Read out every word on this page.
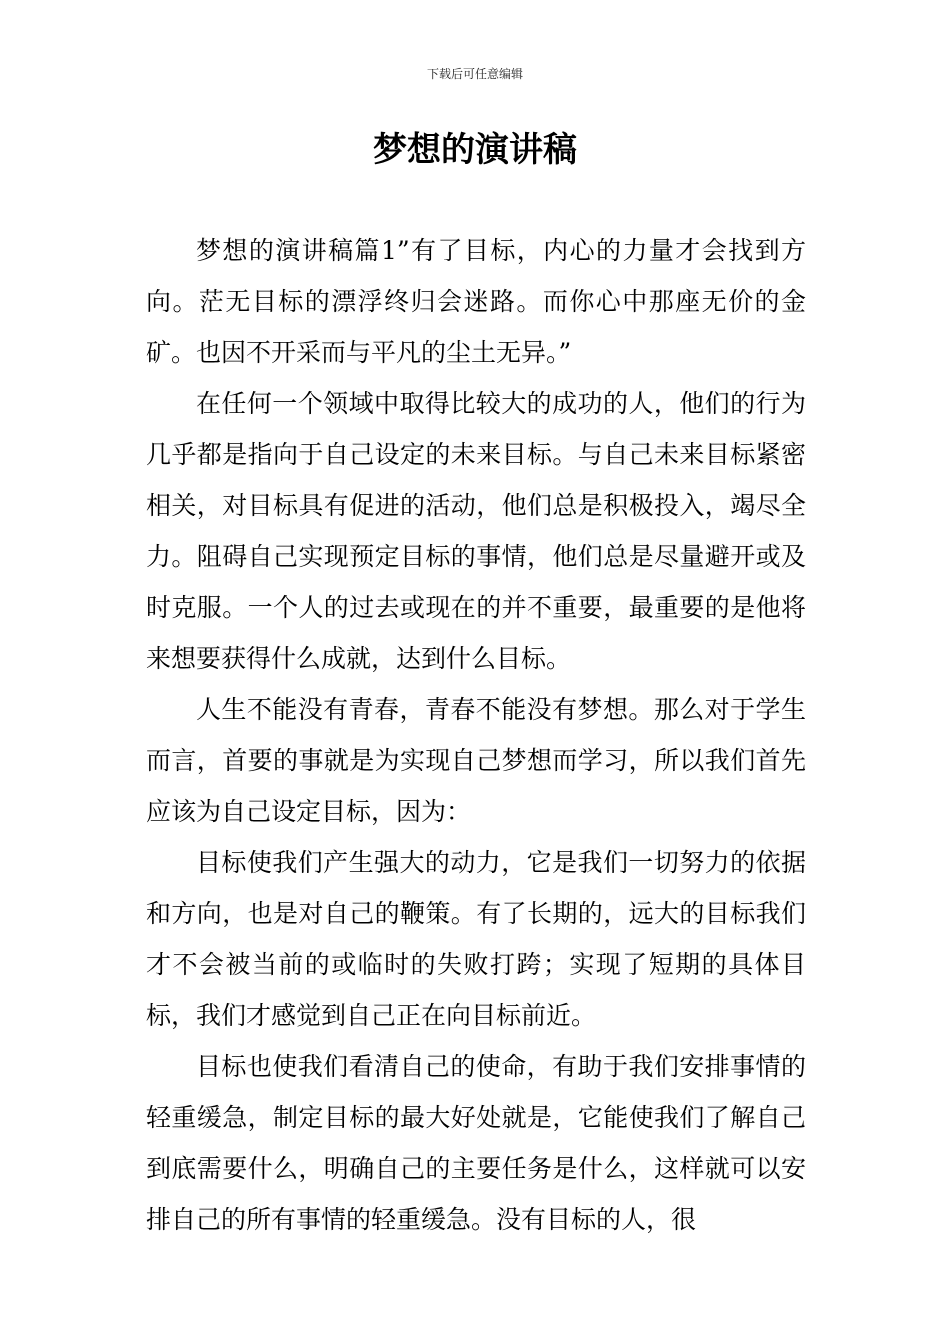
下载后可任意编辑
梦想的演讲稿

梦想的演讲稿篇1”有了目标，内心的力量才会找到方向。茫无目标的漂浮终归会迷路。而你心中那座无价的金矿。也因不开采而与平凡的尘土无异。”

在任何一个领域中取得比较大的成功的人，他们的行为几乎都是指向于自己设定的未来目标。与自己未来目标紧密相关，对目标具有促进的活动，他们总是积极投入，竭尽全力。阻碍自己实现预定目标的事情，他们总是尽量避开或及时克服。一个人的过去或现在的并不重要，最重要的是他将来想要获得什么成就，达到什么目标。

人生不能没有青春，青春不能没有梦想。那么对于学生而言，首要的事就是为实现自己梦想而学习，所以我们首先应该为自己设定目标，因为：

目标使我们产生强大的动力，它是我们一切努力的依据和方向，也是对自己的鞭策。有了长期的，远大的目标我们才不会被当前的或临时的失败打跨；实现了短期的具体目标，我们才感觉到自己正在向目标前近。

目标也使我们看清自己的使命，有助于我们安排事情的轻重缓急，制定目标的最大好处就是，它能使我们了解自己到底需要什么，明确自己的主要任务是什么，这样就可以安排自己的所有事情的轻重缓急。没有目标的人，很
